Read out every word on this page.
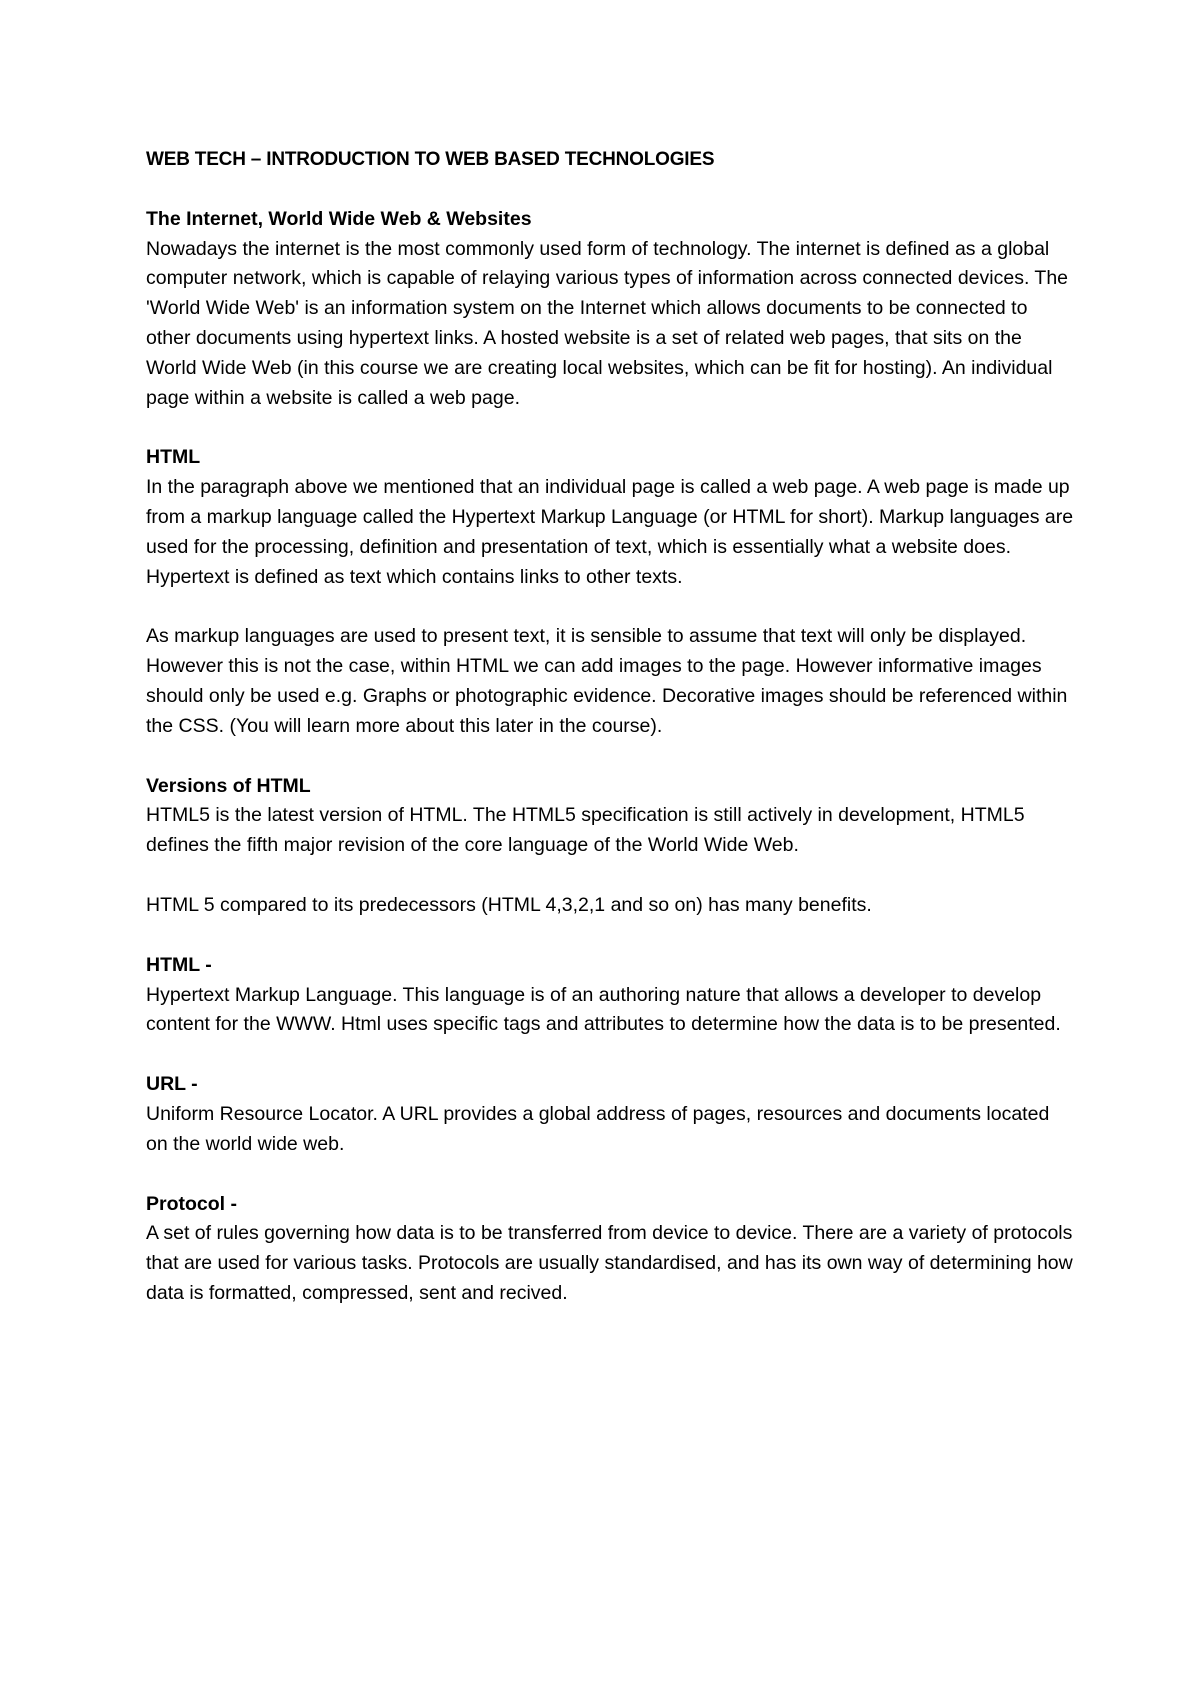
WEB TECH – INTRODUCTION TO WEB BASED TECHNOLOGIES

The Internet, World Wide Web & Websites

Nowadays the internet is the most commonly used form of technology. The internet is defined as a global computer network, which is capable of relaying various types of information across connected devices. The 'World Wide Web' is an information system on the Internet which allows documents to be connected to other documents using hypertext links. A hosted website is a set of related web pages, that sits on the World Wide Web (in this course we are creating local websites, which can be fit for hosting). An individual page within a website is called a web page.

HTML

In the paragraph above we mentioned that an individual page is called a web page. A web page is made up from a markup language called the Hypertext Markup Language (or HTML for short). Markup languages are used for the processing, definition and presentation of text, which is essentially what a website does. Hypertext is defined as text which contains links to other texts.

As markup languages are used to present text, it is sensible to assume that text will only be displayed. However this is not the case, within HTML we can add images to the page. However informative images should only be used e.g. Graphs or photographic evidence. Decorative images should be referenced within the CSS. (You will learn more about this later in the course).

Versions of HTML

HTML5 is the latest version of HTML. The HTML5 specification is still actively in development, HTML5 defines the fifth major revision of the core language of the World Wide Web.

HTML 5 compared to its predecessors (HTML 4,3,2,1 and so on) has many benefits.

HTML -

Hypertext Markup Language. This language is of an authoring nature that allows a developer to develop content for the WWW. Html uses specific tags and attributes to determine how the data is to be presented.

URL -

Uniform Resource Locator. A URL provides a global address of pages, resources and documents located on the world wide web.

Protocol -

A set of rules governing how data is to be transferred from device to device. There are a variety of protocols that are used for various tasks. Protocols are usually standardised, and has its own way of determining how data is formatted, compressed, sent and recived.
